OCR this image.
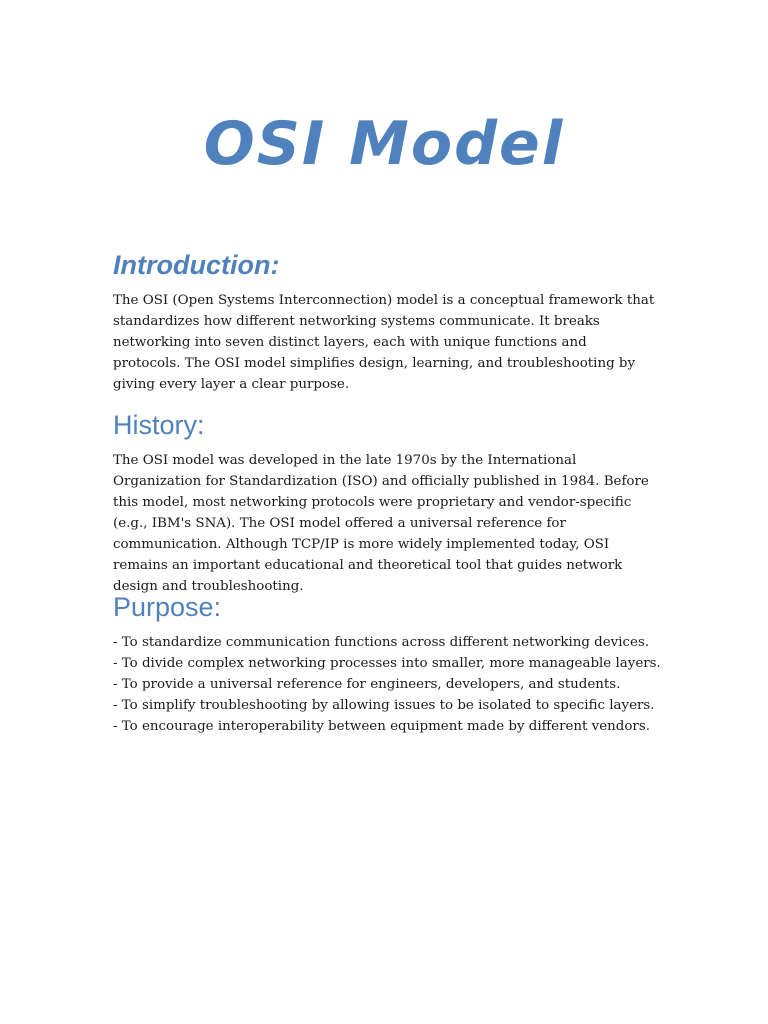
OSI Model
Introduction:

The OSI (Open Systems Interconnection) model is a conceptual framework that standardizes how different networking systems communicate. It breaks networking into seven distinct layers, each with unique functions and protocols. The OSI model simplifies design, learning, and troubleshooting by giving every layer a clear purpose.

History:

The OSI model was developed in the late 1970s by the International Organization for Standardization (ISO) and officially published in 1984. Before this model, most networking protocols were proprietary and vendor-specific (e.g., IBM's SNA). The OSI model offered a universal reference for communication. Although TCP/IP is more widely implemented today, OSI remains an important educational and theoretical tool that guides network design and troubleshooting.

Purpose:
- To standardize communication functions across different networking devices.
- To divide complex networking processes into smaller, more manageable layers.
- To provide a universal reference for engineers, developers, and students.
- To simplify troubleshooting by allowing issues to be isolated to specific layers.
- To encourage interoperability between equipment made by different vendors.
